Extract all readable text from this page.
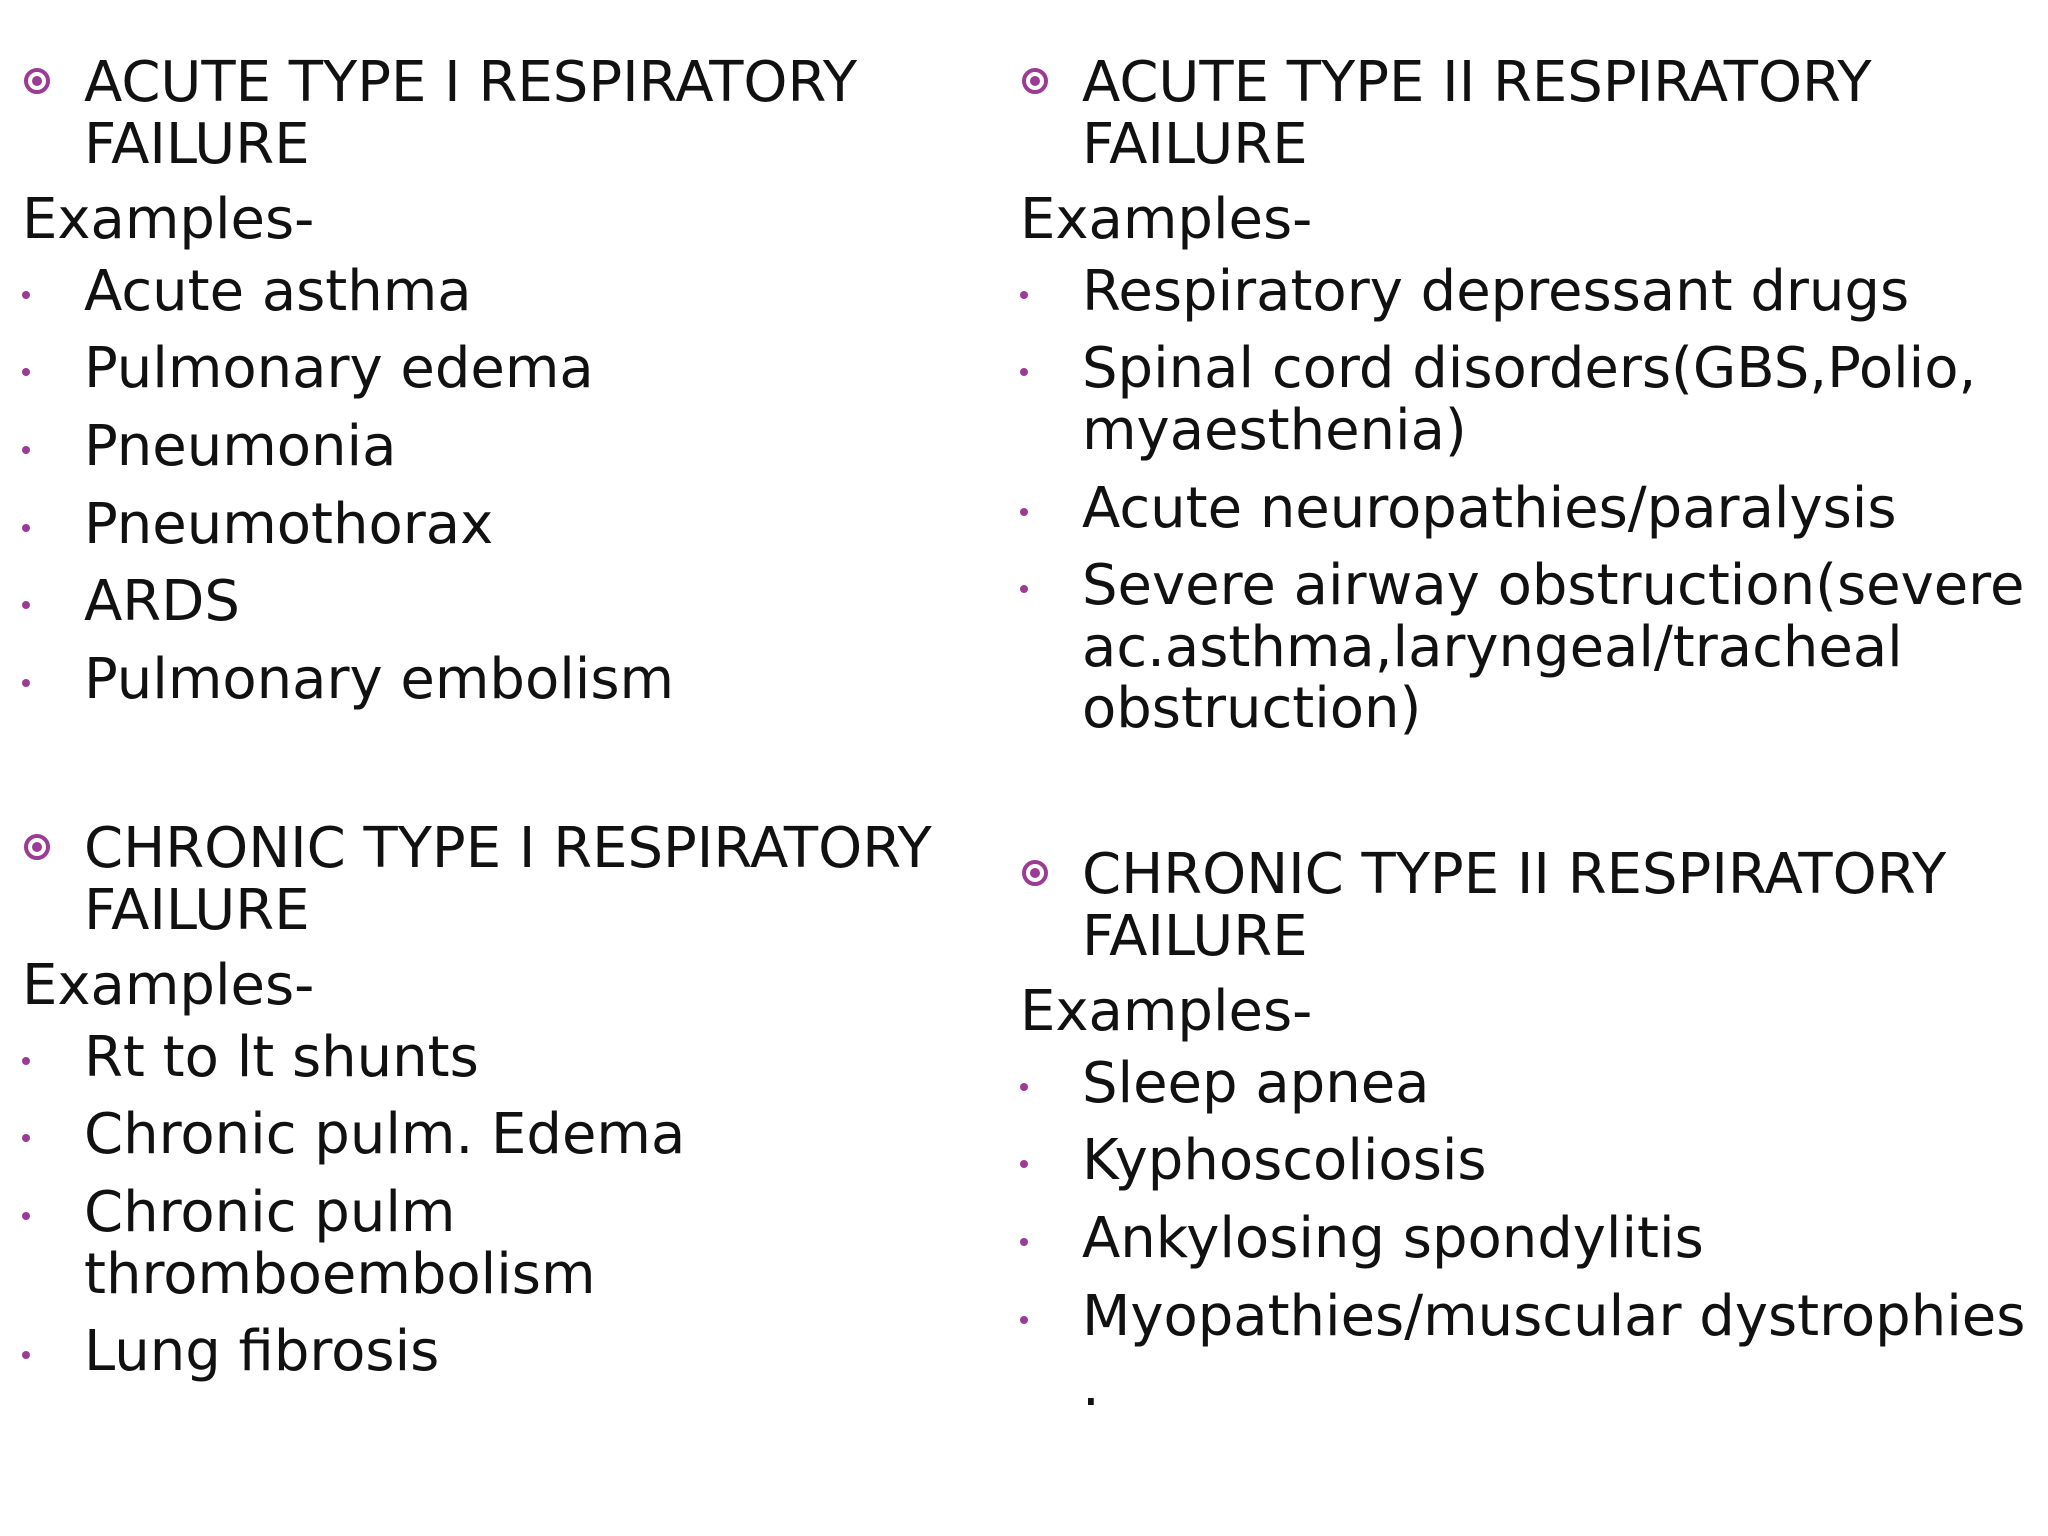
ACUTE TYPE I RESPIRATORY FAILURE
Examples-
Acute asthma
Pulmonary edema
Pneumonia
Pneumothorax
ARDS
Pulmonary embolism
ACUTE TYPE II RESPIRATORY FAILURE
Examples-
Respiratory depressant drugs
Spinal cord disorders(GBS,Polio, myaesthenia)
Acute neuropathies/paralysis
Severe airway obstruction(severe ac.asthma,laryngeal/tracheal obstruction)
CHRONIC TYPE I RESPIRATORY FAILURE
Examples-
Rt to lt shunts
Chronic pulm. Edema
Chronic pulm thromboembolism
Lung fibrosis
CHRONIC TYPE II RESPIRATORY FAILURE
Examples-
Sleep apnea
Kyphoscoliosis
Ankylosing spondylitis
Myopathies/muscular dystrophies
.
